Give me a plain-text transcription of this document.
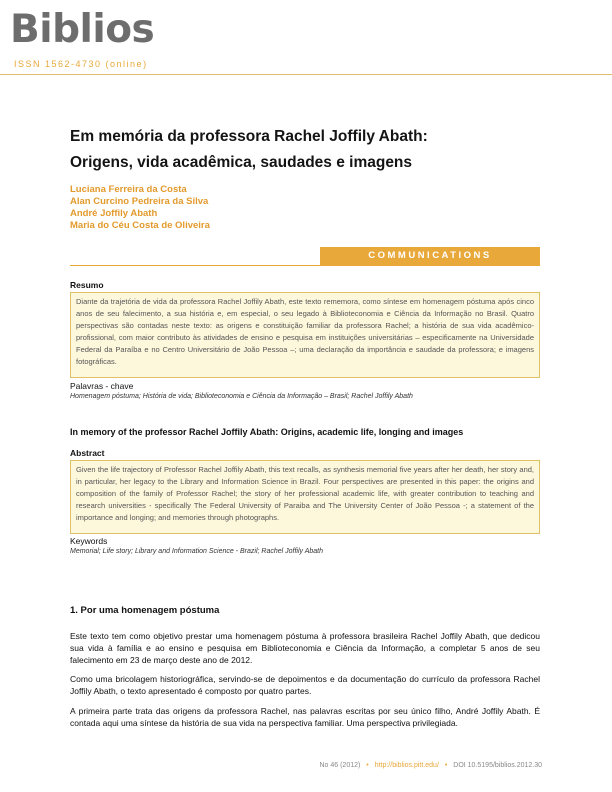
Biblios
ISSN 1562-4730 (online)
Em memória da professora Rachel Joffily Abath:
Origens, vida acadêmica, saudades e imagens
Luciana Ferreira da Costa
Alan Curcino Pedreira da Silva
André Joffily Abath
Maria do Céu Costa de Oliveira
COMMUNICATIONS
Resumo
Diante da trajetória de vida da professora Rachel Joffily Abath, este texto rememora, como síntese em homenagem póstuma após cinco anos de seu falecimento, a sua história e, em especial, o seu legado à Biblioteconomia e Ciência da Informação no Brasil. Quatro perspectivas são contadas neste texto: as origens e constituição familiar da professora Rachel; a história de sua vida acadêmico-profissional, com maior contributo às atividades de ensino e pesquisa em instituições universitárias – especificamente na Universidade Federal da Paraíba e no Centro Universitário de João Pessoa –; uma declaração da importância e saudade da professora; e imagens fotográficas.
Palavras - chave
Homenagem póstuma; História de vida; Biblioteconomia e Ciência da Informação – Brasil; Rachel Joffily Abath
In memory of the professor Rachel Joffily Abath: Origins, academic life, longing and images
Abstract
Given the life trajectory of Professor Rachel Joffily Abath, this text recalls, as synthesis memorial five years after her death, her story and, in particular, her legacy to the Library and Information Science in Brazil. Four perspectives are presented in this paper: the origins and composition of the family of Professor Rachel; the story of her professional academic life, with greater contribution to teaching and research universities - specifically The Federal University of Paraiba and The University Center of João Pessoa -; a statement of the importance and longing; and memories through photographs.
Keywords
Memorial; Life story; Library and Information Science - Brazil; Rachel Joffily Abath
1. Por uma homenagem póstuma
Este texto tem como objetivo prestar uma homenagem póstuma à professora brasileira Rachel Joffily Abath, que dedicou sua vida à família e ao ensino e pesquisa em Biblioteconomia e Ciência da Informação, a completar 5 anos de seu falecimento em 23 de março deste ano de 2012.
Como uma bricolagem historiográfica, servindo-se de depoimentos e da documentação do currículo da professora Rachel Joffily Abath, o texto apresentado é composto por quatro partes.
A primeira parte trata das origens da professora Rachel, nas palavras escritas por seu único filho, André Joffily Abath. É contada aqui uma síntese da história de sua vida na perspectiva familiar. Uma perspectiva privilegiada.
No 46 (2012) • http://biblios.pitt.edu/ • DOI 10.5195/biblios.2012.30
